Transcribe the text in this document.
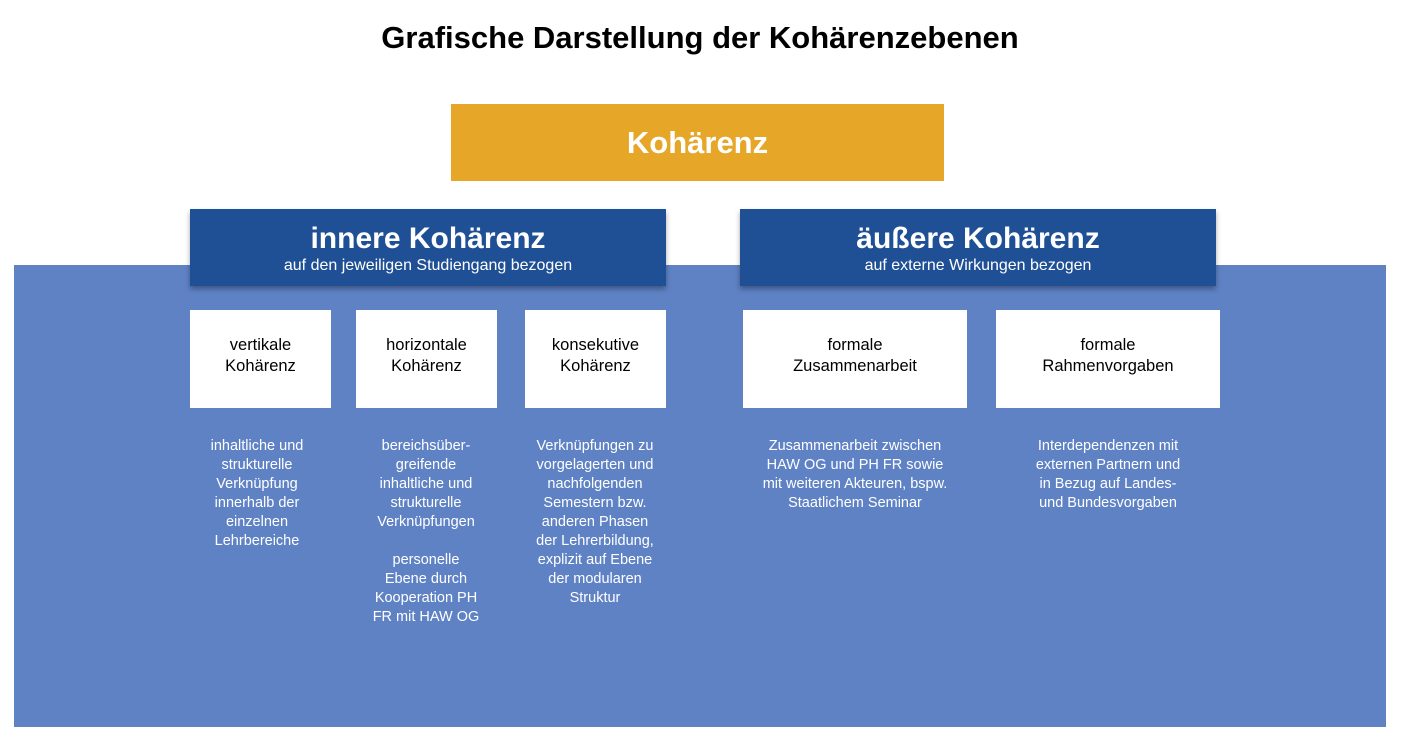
Grafische Darstellung der Kohärenzebenen
Kohärenz
innere Kohärenz
auf den jeweiligen Studiengang bezogen
äußere Kohärenz
auf externe Wirkungen bezogen
vertikale
Kohärenz
horizontale
Kohärenz
konsekutive
Kohärenz
formale
Zusammenarbeit
formale
Rahmenvorgaben
inhaltliche und
strukturelle
Verknüpfung
innerhalb der
einzelnen
Lehrbereiche
bereichsüber-
greifende
inhaltliche und
strukturelle
Verknüpfungen

personelle
Ebene durch
Kooperation PH
FR mit HAW OG
Verknüpfungen zu
vorgelagerten und
nachfolgenden
Semestern bzw.
anderen Phasen
der Lehrerbildung,
explizit auf Ebene
der modularen
Struktur
Zusammenarbeit zwischen
HAW OG und PH FR sowie
mit weiteren Akteuren, bspw.
Staatlichem Seminar
Interdependenzen mit
externen Partnern und
in Bezug auf Landes-
und Bundesvorgaben
